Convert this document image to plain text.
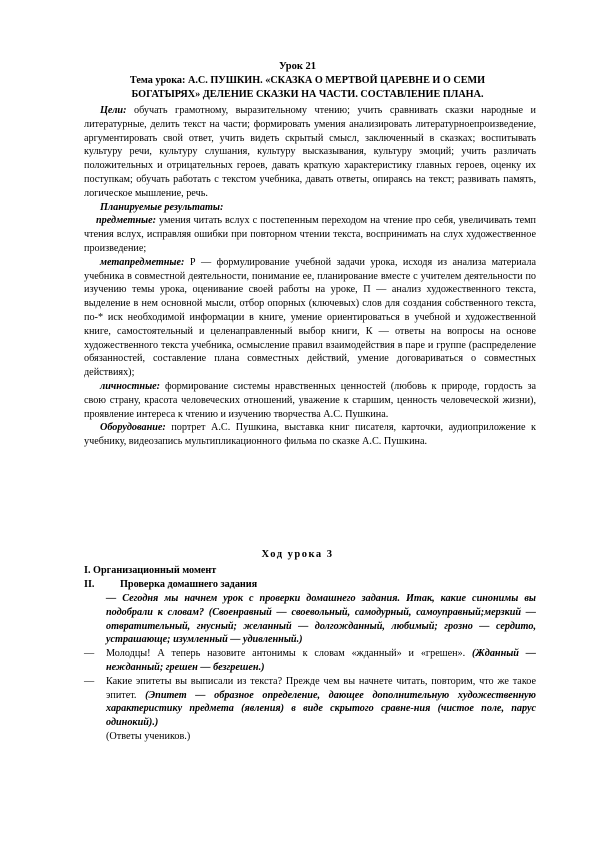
Урок 21
Тема урока: А.С. ПУШКИН. «СКАЗКА О МЕРТВОЙ ЦАРЕВНЕ И О СЕМИ
БОГАТЫРЯХ» ДЕЛЕНИЕ СКАЗКИ НА ЧАСТИ. СОСТАВЛЕНИЕ ПЛАНА.

Цели: обучать грамотному, выразительному чтению; учить сравнивать сказки народные и литературные, делить текст на части; формировать умения анализировать литературноепроизведение, аргументировать свой ответ, учить видеть скрытый смысл, заключенный в сказках; воспитывать культуру речи, культуру слушания, культуру высказывания, культуру эмоций; учить различать положительных и отрицательных героев, давать краткую характеристику главных героев, оценку их поступкам; обучать работать с текстом учебника, давать ответы, опираясь на текст; развивать память, логическое мышление, речь.

Планируемые результаты:

предметные: умения читать вслух с постепенным переходом на чтение про себя, увеличивать темп чтения вслух, исправляя ошибки при повторном чтении текста, воспринимать на слух художественное произведение;

метапредметные: Р — формулирование учебной задачи урока, исходя из анализа материала учебника в совместной деятельности, понимание ее, планирование вместе с учителем деятельности по изучению темы урока, оценивание своей работы на уроке, П — анализ художественного текста, выделение в нем основной мысли, отбор опорных (ключевых) слов для создания собственного текста, по-* иск необходимой информации в книге, умение ориентироваться в учебной и художественной книге, самостоятельный и целенаправленный выбор книги, К — ответы на вопросы на основе художественного текста учебника, осмысление правил взаимодействия в паре и группе (распределение обязанностей, составление плана совместных действий, умение договариваться о совместных действиях);

личностные: формирование системы нравственных ценностей (любовь к природе, гордость за свою страну, красота человеческих отношений, уважение к старшим, ценность человеческой жизни), проявление интереса к чтению и изучению творчества А.С. Пушкина.

Оборудование: портрет А.С. Пушкина, выставка книг писателя, карточки, аудиоприложение к учебнику, видеозапись мультипликационного фильма по сказке А.С. Пушкина.

Ход урока 3
I. Организационный момент
II.	Проверка домашнего задания

— Сегодня мы начнем урок с проверки домашнего задания. Итак, какие синонимы вы подобрали к словам? (Своенравный — своевольный, самодурный, самоуправный;мерзкий — отвратительный, гнусный; желанный — долгожданный, любимый; грозно — сердито, устрашающе; изумленный — удивленный.)

— Молодцы! А теперь назовите антонимы к словам «жданный» и «грешен». (Жданный — нежданный; грешен — безгрешен.)

— Какие эпитеты вы выписали из текста? Прежде чем вы начнете читать, повторим, что же такое эпитет. (Эпитет — образное определение, дающее дополнительную художественную характеристику предмета (явления) в виде скрытого сравне-ния (чистое поле, парус одинокий).)

(Ответы учеников.)
